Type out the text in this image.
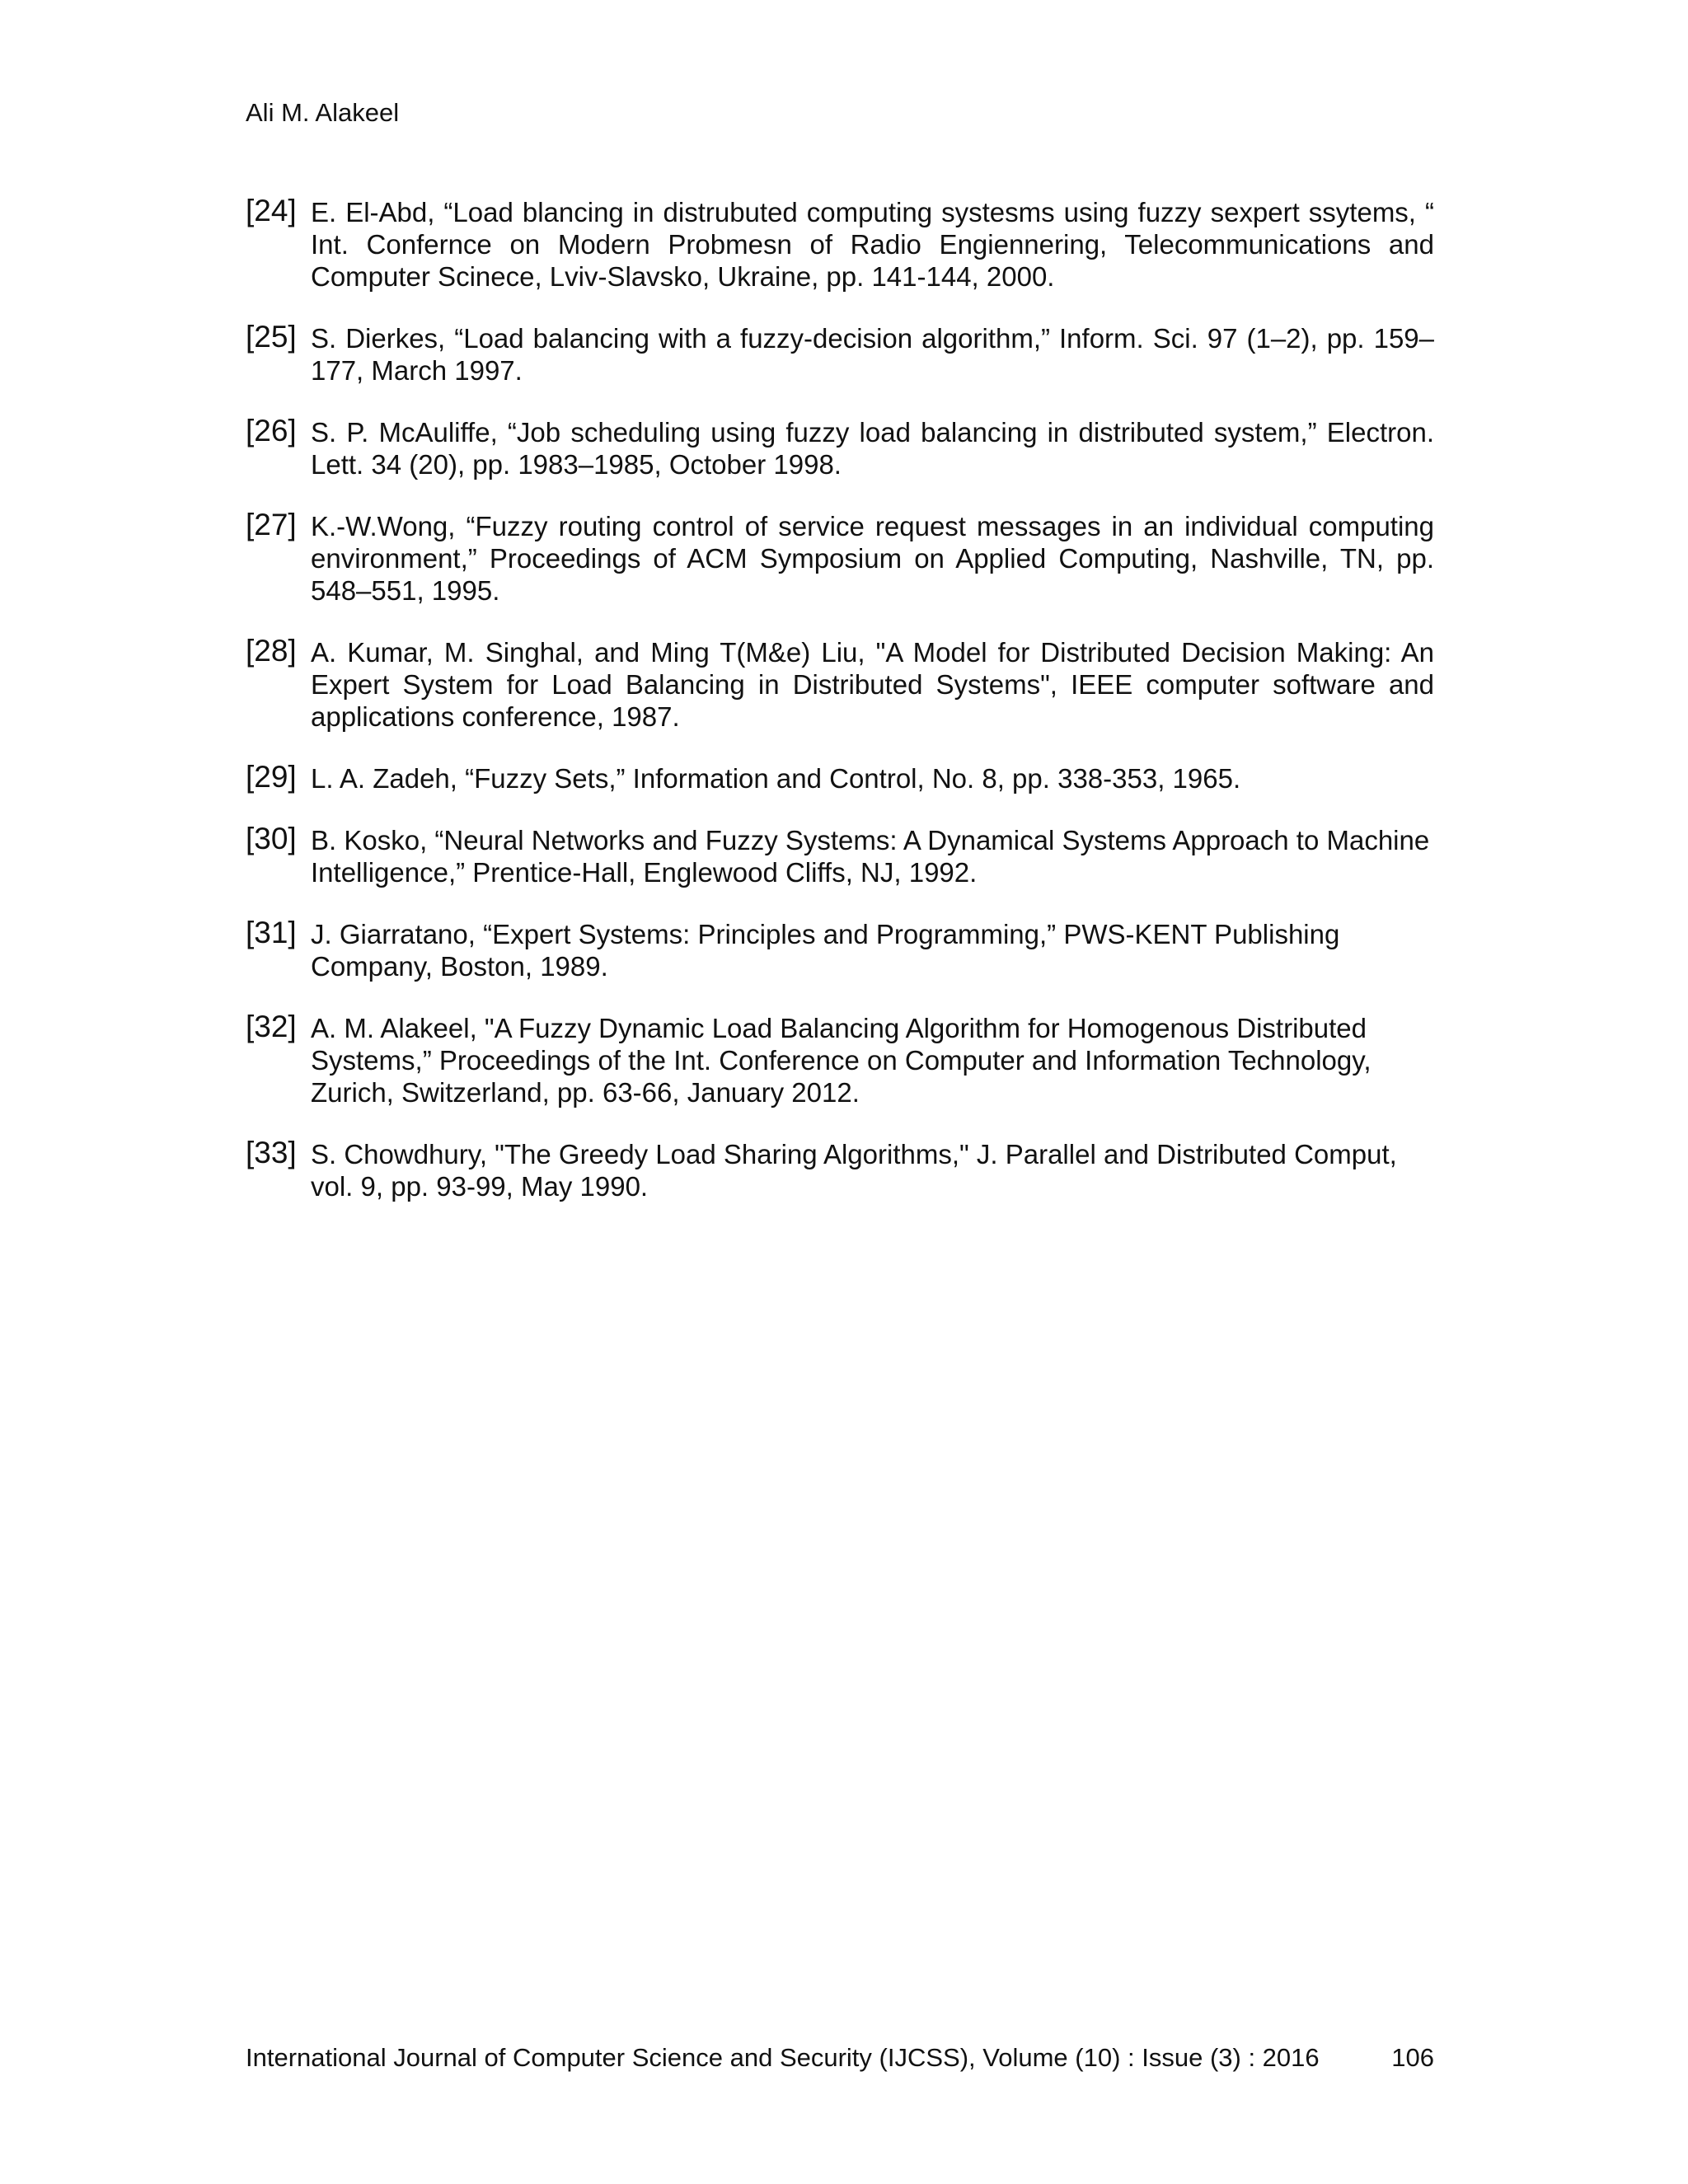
Ali M. Alakeel
[24] E. El-Abd, “Load blancing in distrubuted computing systesms using fuzzy sexpert ssytems, “ Int. Confernce on Modern Probmesn of Radio Engiennering, Telecommunications and Computer Scinece, Lviv-Slavsko, Ukraine, pp. 141-144, 2000.
[25] S. Dierkes, “Load balancing with a fuzzy-decision algorithm,” Inform. Sci. 97 (1–2), pp. 159–177, March 1997.
[26] S. P. McAuliffe, “Job scheduling using fuzzy load balancing in distributed system,” Electron. Lett. 34 (20), pp. 1983–1985, October 1998.
[27] K.-W.Wong, “Fuzzy routing control of service request messages in an individual computing environment,” Proceedings of ACM Symposium on Applied Computing, Nashville, TN, pp. 548–551, 1995.
[28] A. Kumar, M. Singhal, and Ming T(M&e) Liu, "A Model for Distributed Decision Making: An Expert System for Load Balancing in Distributed Systems", IEEE computer software and applications conference, 1987.
[29] L. A. Zadeh, “Fuzzy Sets,” Information and Control, No. 8, pp. 338-353, 1965.
[30] B. Kosko, “Neural Networks and Fuzzy Systems: A Dynamical Systems Approach to Machine Intelligence,” Prentice-Hall, Englewood Cliffs, NJ, 1992.
[31] J. Giarratano, “Expert Systems: Principles and Programming,” PWS-KENT Publishing Company, Boston, 1989.
[32] A. M. Alakeel, "A Fuzzy Dynamic Load Balancing Algorithm for Homogenous Distributed Systems,” Proceedings of the Int. Conference on Computer and Information Technology, Zurich, Switzerland, pp. 63-66, January 2012.
[33] S. Chowdhury, "The Greedy Load Sharing Algorithms," J. Parallel and Distributed Comput, vol. 9, pp. 93-99, May 1990.
International Journal of Computer Science and Security (IJCSS), Volume (10) : Issue (3) : 2016	106
